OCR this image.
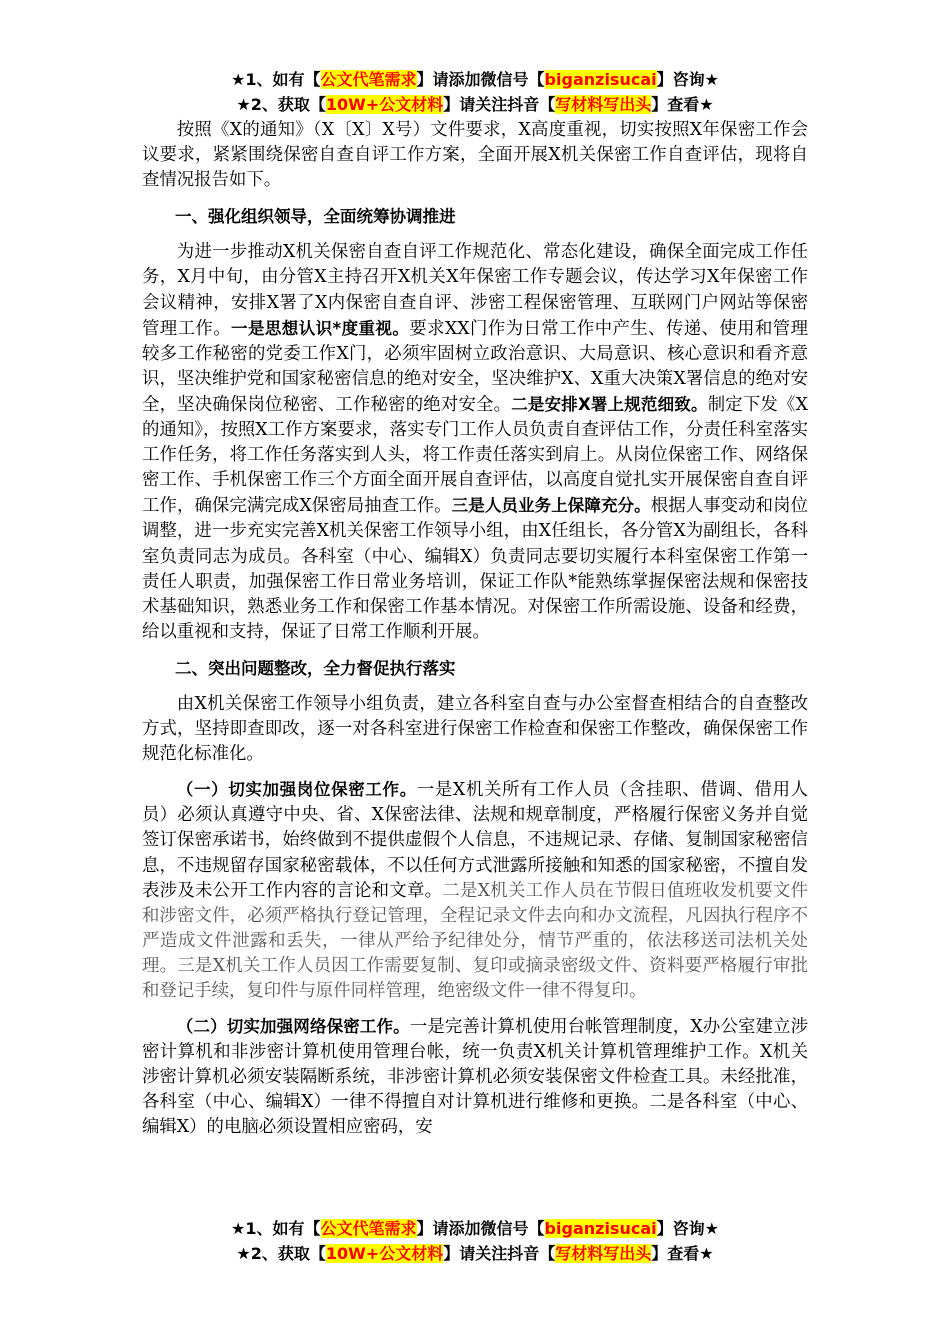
★1、如有【公文代笔需求】请添加微信号【biganzisucai】咨询★
★2、获取【10W+公文材料】请关注抖音【写材料写出头】查看★

按照《X的通知》（X〔X〕X号）文件要求，X高度重视，切实按照X年保密工作会议要求，紧紧围绕保密自查自评工作方案，全面开展X机关保密工作自查评估，现将自查情况报告如下。

一、强化组织领导，全面统筹协调推进

为进一步推动X机关保密自查自评工作规范化、常态化建设，确保全面完成工作任务，X月中旬，由分管X主持召开X机关X年保密工作专题会议，传达学习X年保密工作会议精神，安排X署了X内保密自查自评、涉密工程保密管理、互联网门户网站等保密管理工作。一是思想认识*度重视。要求XX门作为日常工作中产生、传递、使用和管理较多工作秘密的党委工作X门，必须牢固树立政治意识、大局意识、核心意识和看齐意识，坚决维护党和国家秘密信息的绝对安全，坚决维护X、X重大决策X署信息的绝对安全，坚决确保岗位秘密、工作秘密的绝对安全。二是安排X署上规范细致。制定下发《X的通知》，按照X工作方案要求，落实专门工作人员负责自查评估工作，分责任科室落实工作任务，将工作任务落实到人头，将工作责任落实到肩上。从岗位保密工作、网络保密工作、手机保密工作三个方面全面开展自查评估，以高度自觉扎实开展保密自查自评工作，确保完满完成X保密局抽查工作。三是人员业务上保障充分。根据人事变动和岗位调整，进一步充实完善X机关保密工作领导小组，由X任组长，各分管X为副组长，各科室负责同志为成员。各科室（中心、编辑X）负责同志要切实履行本科室保密工作第一责任人职责，加强保密工作日常业务培训，保证工作队*能熟练掌握保密法规和保密技术基础知识，熟悉业务工作和保密工作基本情况。对保密工作所需设施、设备和经费，给以重视和支持，保证了日常工作顺利开展。

二、突出问题整改，全力督促执行落实

由X机关保密工作领导小组负责，建立各科室自查与办公室督查相结合的自查整改方式，坚持即查即改，逐一对各科室进行保密工作检查和保密工作整改，确保保密工作规范化标准化。

（一）切实加强岗位保密工作。一是X机关所有工作人员（含挂职、借调、借用人员）必须认真遵守中央、省、X保密法律、法规和规章制度，严格履行保密义务并自觉签订保密承诺书，始终做到不提供虚假个人信息，不违规记录、存储、复制国家秘密信息，不违规留存国家秘密载体，不以任何方式泄露所接触和知悉的国家秘密，不擅自发表涉及未公开工作内容的言论和文章。二是X机关工作人员在节假日值班收发机要文件和涉密文件，必须严格执行登记管理，全程记录文件去向和办文流程，凡因执行程序不严造成文件泄露和丢失，一律从严给予纪律处分，情节严重的，依法移送司法机关处理。三是X机关工作人员因工作需要复制、复印或摘录密级文件、资料要严格履行审批和登记手续，复印件与原件同样管理，绝密级文件一律不得复印。

（二）切实加强网络保密工作。一是完善计算机使用台帐管理制度，X办公室建立涉密计算机和非涉密计算机使用管理台帐，统一负责X机关计算机管理维护工作。X机关涉密计算机必须安装隔断系统，非涉密计算机必须安装保密文件检查工具。未经批准，各科室（中心、编辑X）一律不得擅自对计算机进行维修和更换。二是各科室（中心、编辑X）的电脑必须设置相应密码，安

★1、如有【公文代笔需求】请添加微信号【biganzisucai】咨询★
★2、获取【10W+公文材料】请关注抖音【写材料写出头】查看★
